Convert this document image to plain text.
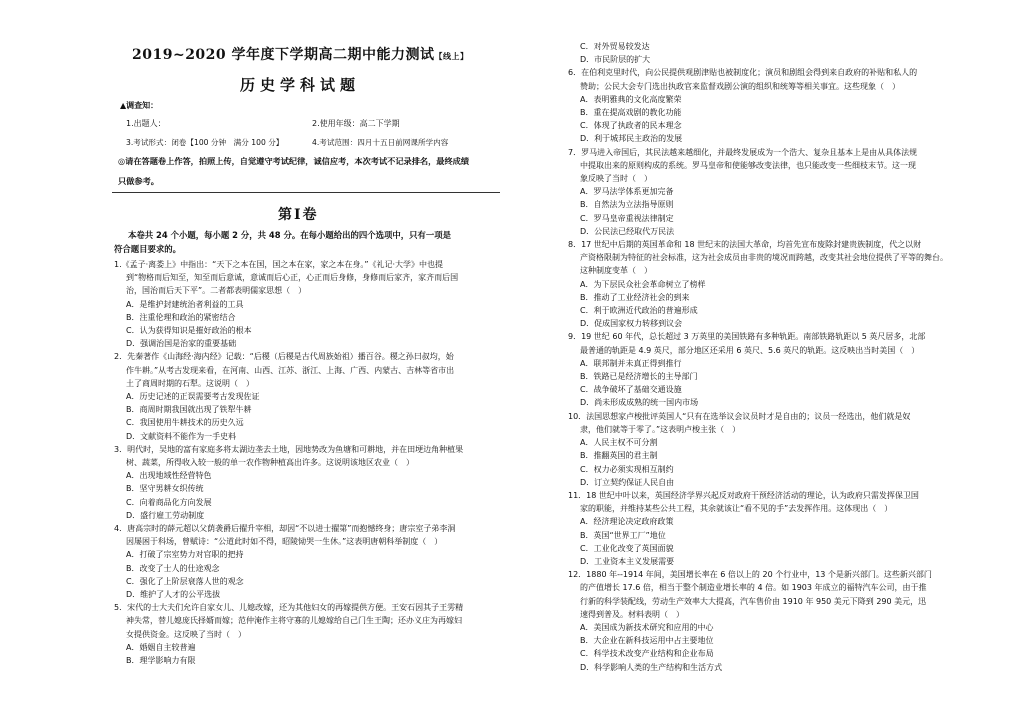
2019~2020 学年度下学期高二期中能力测试【线上】
历史学科试题
▲调查知：
1.出题人：	2.使用年级：高二下学期
3.考试形式：闭卷【100 分钟　满分 100 分】	4.考试范围：四月十五日前网课所学内容
◎请在答题卷上作答，拍照上传，自觉遵守考试纪律，诚信应考，本次考试不记录排名，最终成绩
只做参考。
第Ⅰ卷
本卷共 24 个小题，每小题 2 分，共 48 分。在每小题给出的四个选项中，只有一项是
符合题目要求的。

1.《孟子·离娄上》中指出：“天下之本在国，国之本在家，家之本在身。”《礼记·大学》中也提

到“物格而后知至，知至而后意诚，意诚而后心正，心正而后身修，身修而后家齐，家齐而后国

治，国治而后天下平”。二者都表明儒家思想（　）

A．是维护封建统治者利益的工具

B．注重伦理和政治的紧密结合

C．认为获得知识是摧好政治的根本

D．强调治国是治家的重要基础

2．先秦著作《山海经·海内经》记载：“后稷（后稷是古代周族始祖）播百谷。稷之孙曰叔均，始

作牛耕。”从考古发现来看，在河南、山西、江苏、浙江、上海、广西、内蒙古、吉林等省市出

土了商周时期的石犁。这说明（　）

A．历史记述的正误需要考古发现佐证

B．商周时期我国就出现了铁犁牛耕

C．我国使用牛耕技术的历史久远

D．文献资料不能作为一手史料

3．明代时，吴地的富有家庭多将太湖边垄去土地，因地势改为鱼塘和可耕地，并在田埂边角种植果

树、蔬菜，所得收入较一般的单一农作物种植高出许多。这说明该地区农业（　）

A．出现地域性经营特色

B．坚守男耕女织传统

C．向着商品化方向发展

D．盛行雇工劳动制度

4．唐高宗时的薛元超以父荫袭爵后擢升宰相，却因“不以进士擢第”而抱憾终身；唐宗室子弟李洞

因屡困于科场，曾赋诗：“公道此时如不得，昭陵恸哭一生休。”这表明唐朝科举制度（　）

A．打破了宗室势力对官职的把持

B．改变了士人的仕途观念

C．强化了上阶层衰落人世的观念

D．维护了人才的公平选拔

5．宋代的士大夫们允许自家女儿、儿媳改嫁，还为其他妇女的再嫁提供方便。王安石因其子王雱精

神失常，替儿媳庞氏择婿而嫁；范仲淹作主将守寡的儿媳嫁给自己门生王陶；还办义庄为再嫁妇

女提供资金。这反映了当时（　）

A．婚姻自主较普遍

B．理学影响力有限

C．对外贸易较发达

D．市民阶层的扩大

6．在伯利克里时代，向公民提供观剧津贴也被制度化；演员和剧组会得到来自政府的补贴和私人的

赞助；公民大会专门选出执政官来监督戏剧公演的组织和统筹等相关事宜。这些现象（　）

A．表明雅典的文化高度繁荣

B．重在提高戏剧的教化功能

C．体现了执政者的民本理念

D．利于城邦民主政治的发展

7．罗马进入帝国后，其民法越来越细化，并最终发展成为一个浩大、复杂且基本上是由从具体法规

中提取出来的原则构成的系统。罗马皇帝和使能够改变法律，也只能改变一些细枝末节。这一现

象反映了当时（　）

A．罗马法学体系更加完备

B．自然法为立法指导原则

C．罗马皇帝重视法律制定

D．公民法已经取代万民法

8．17 世纪中后期的英国革命和 18 世纪末的法国大革命，均首先宣布废除封建贵族制度，代之以财

产资格限制为特征的社会标准，这为社会成员由非贵的境况而跨越，改变其社会地位提供了平等的舞台。

这种制度变革（　）

A．为下层民众社会革命树立了榜样

B．推动了工业经济社会的到来

C．利于欧洲近代政治的普遍形成

D．促成国家权力转移到议会

9．19 世纪 60 年代，总长超过 3 万英里的美国铁路有多种轨距。南部铁路轨距以 5 英尺居多，北部

最普通的轨距是 4.9 英尺，部分地区还采用 6 英尺、5.6 英尺的轨距。这反映出当时美国（　）

A．联邦制并未真正得到推行

B．铁路已是经济增长的主导部门

C．战争破坏了基础交通设施

D．尚未形成成熟的统一国内市场

10．法国思想家卢梭批评英国人“只有在选举议会议员时才是自由的；议员一经选出，他们就是奴

隶，他们就等于零了。”这表明卢梭主张（　）

A．人民主权不可分割

B．推翻英国的君主制

C．权力必须实现相互制约

D．订立契约保证人民自由

11．18 世纪中叶以来，英国经济学界兴起反对政府干预经济活动的理论，认为政府只需发挥保卫国

家的职能，并维持某些公共工程，其余就该让“看不见的手”去发挥作用。这体现出（　）

A．经济理论决定政府政策

B．英国“世界工厂”地位

C．工业化改变了英国面貌

D．工业资本主义发展需要

12．1880 年--1914 年间，美国增长率在 6 倍以上的 20 个行业中，13 个是新兴部门。这些新兴部门

的产值增长 17.6 倍，相当于整个制造业增长率的 4 倍。如 1903 年成立的福特汽车公司，由于推

行新的科学装配线，劳动生产效率大大提高，汽车售价由 1910 年 950 美元下降到 290 美元，迅

速得到普及。材料表明（　）

A．美国成为新技术研究和应用的中心

B．大企业在新科技运用中占主要地位

C．科学技术改变产业结构和企业布局

D．科学影响人类的生产结构和生活方式
